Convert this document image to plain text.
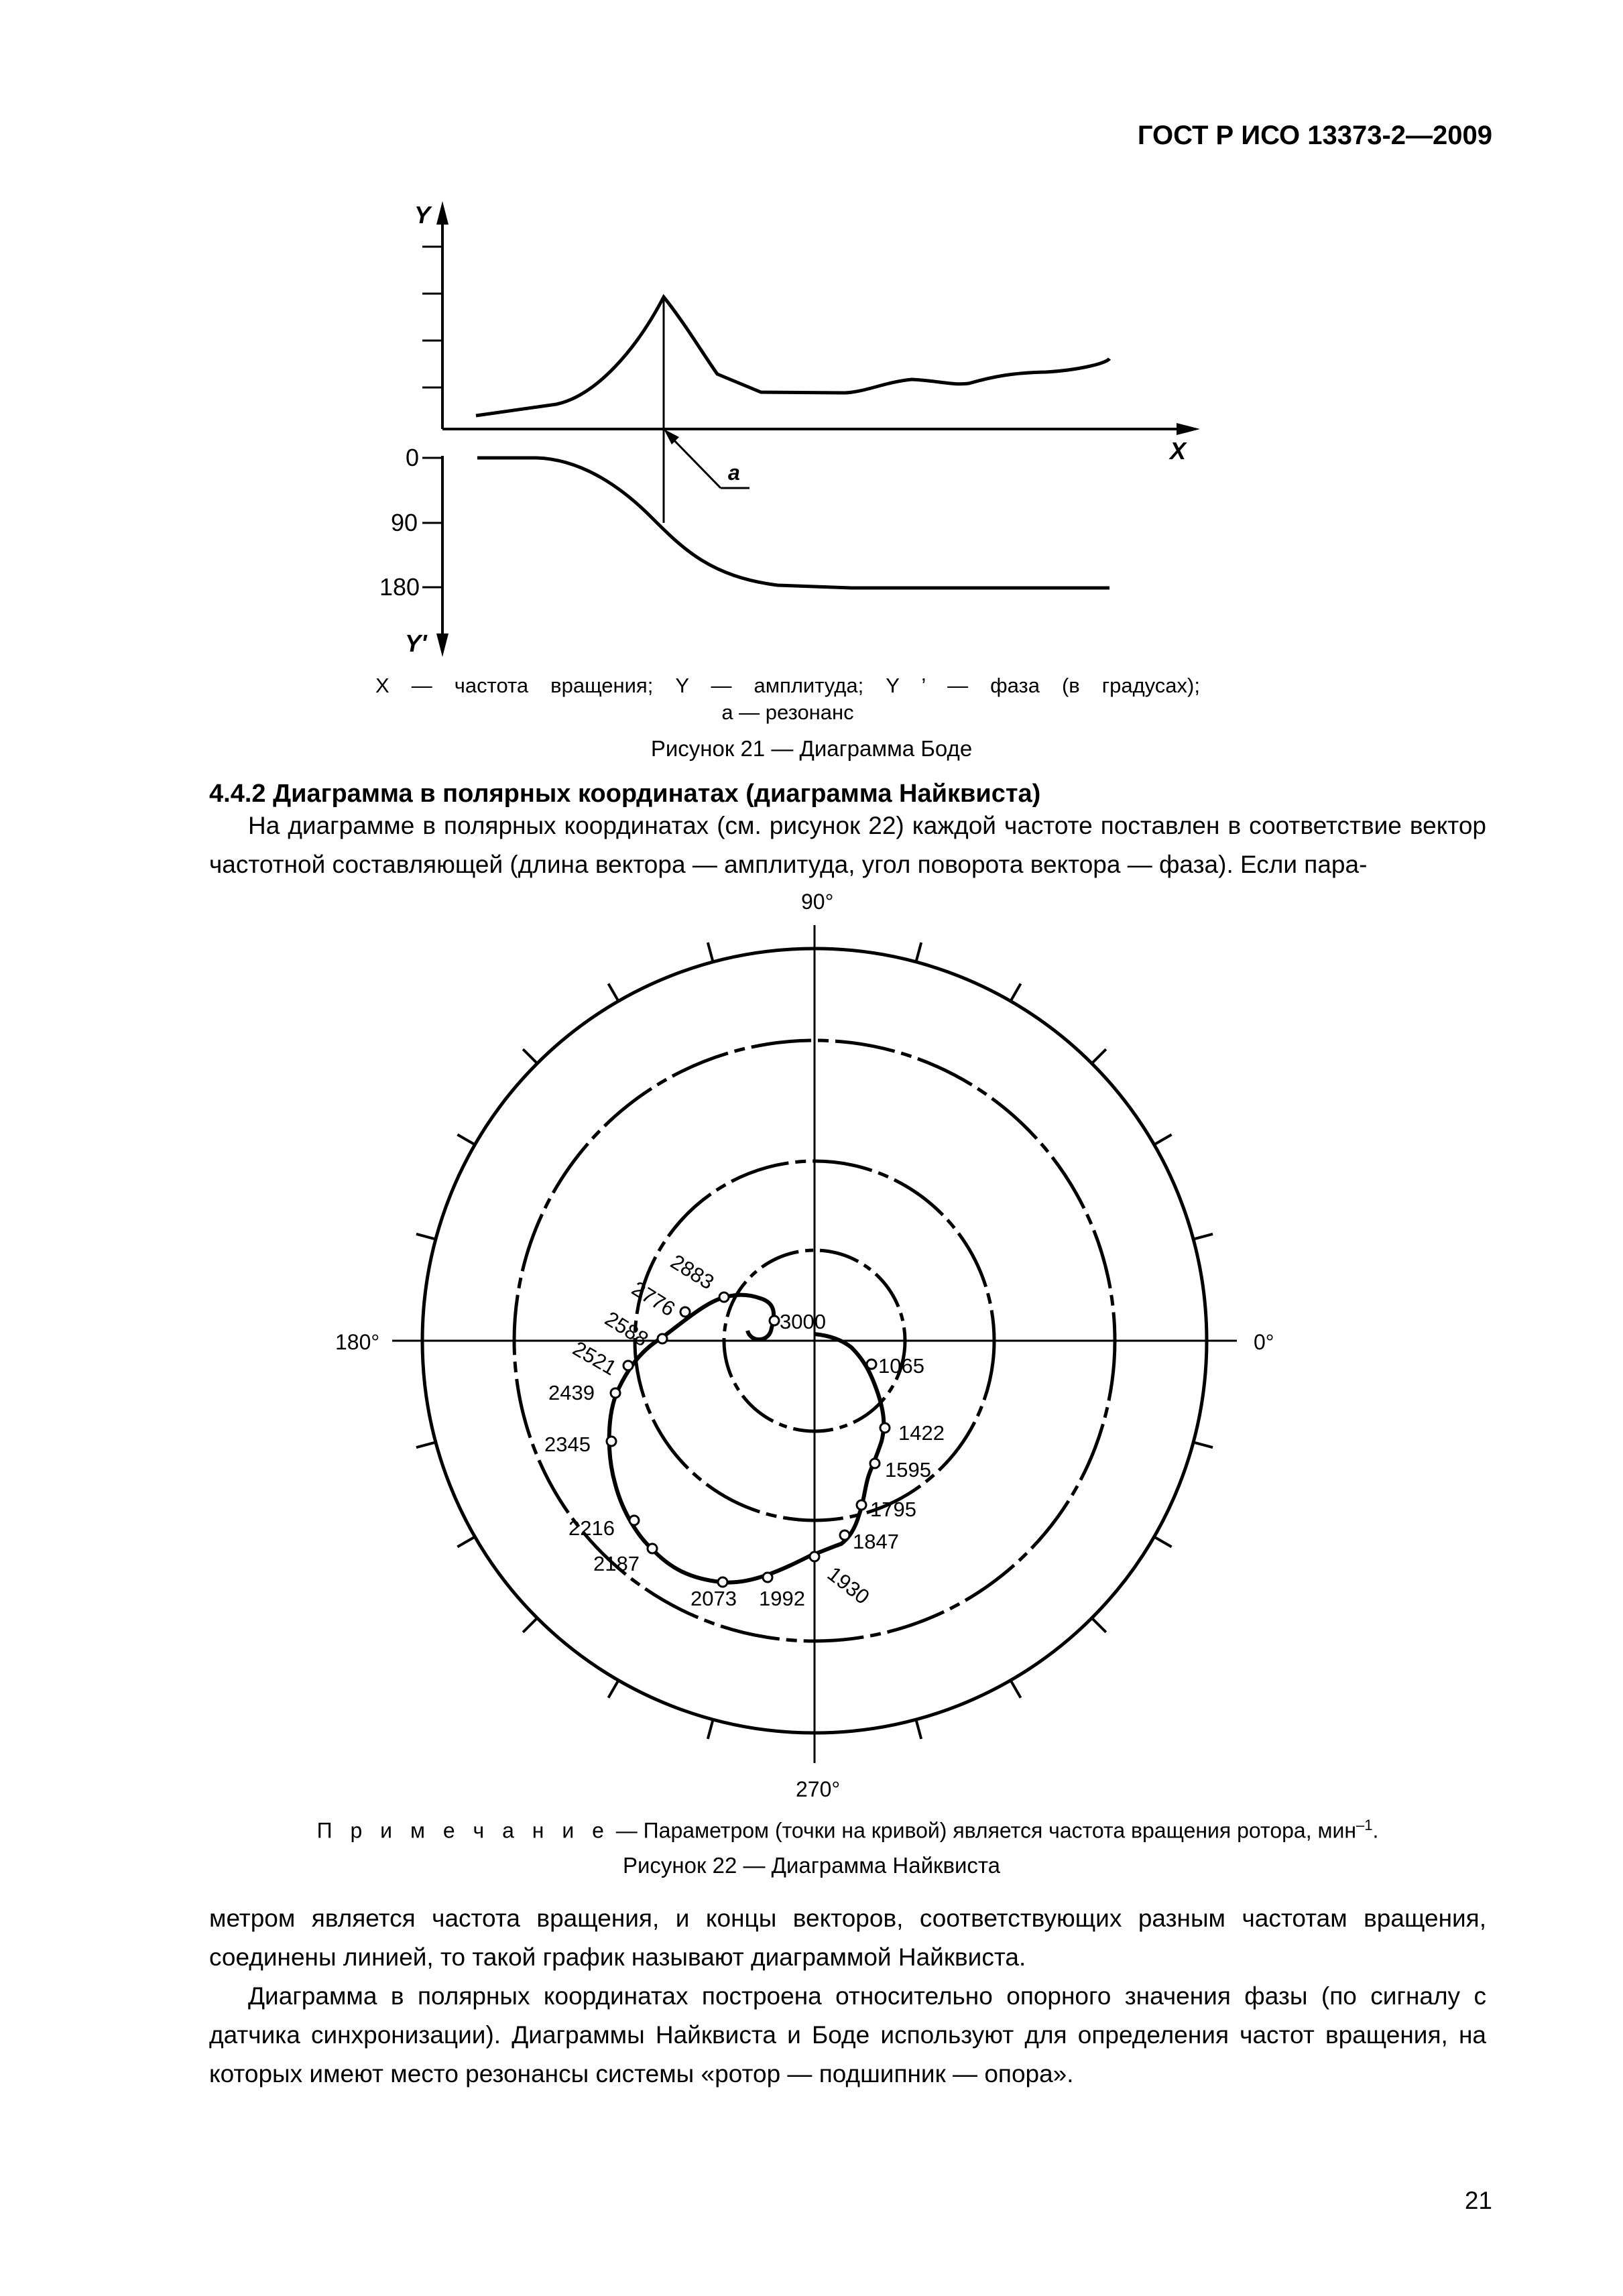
ГОСТ Р ИСО 13373-2—2009
Y
X
Y'
0
90
180
a
90°
180°	0°
270°
1065
1422
1595
1795
1847
1930
1992
2073
2187
2216
2345
2439
2521
2588
2776
2883
3000
X — частота вращения; Y — амплитуда; Y ’ — фаза (в градусах);
a — резонанс
Рисунок 21 — Диаграмма Боде
4.4.2 Диаграмма в полярных координатах (диаграмма Найквиста)
На диаграмме в полярных координатах (см. рисунок 22) каждой частоте поставлен в соответствие вектор частотной составляющей (длина вектора — амплитуда, угол поворота вектора — фаза). Если пара-
П р и м е ч а н и е — Параметром (точки на кривой) является частота вращения ротора, мин$^{-1}$.
Рисунок 22 — Диаграмма Найквиста
метром является частота вращения, и концы векторов, соответствующих разным частотам вращения, соединены линией, то такой график называют диаграммой Найквиста.
Диаграмма в полярных координатах построена относительно опорного значения фазы (по сигналу с датчика синхронизации). Диаграммы Найквиста и Боде используют для определения частот вращения, на которых имеют место резонансы системы «ротор — подшипник — опора».
21
